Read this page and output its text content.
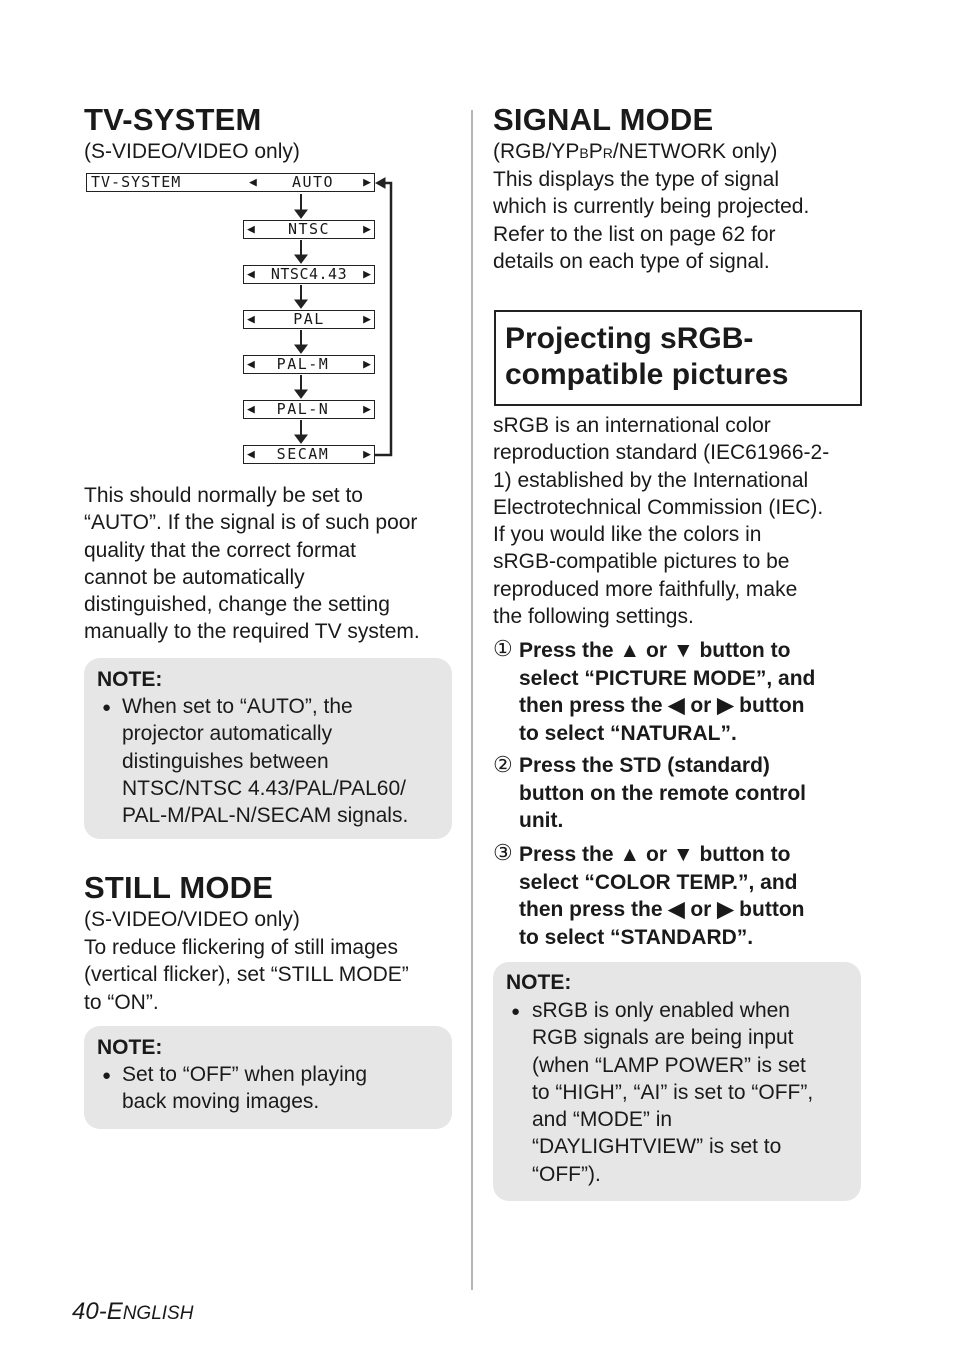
TV-SYSTEM
(S-VIDEO/VIDEO only)
TV-SYSTEM	◀	AUTO	▶
◀	NTSC	▶
◀	NTSC4.43	▶
◀	PAL	▶
◀	PAL-M	▶
◀	PAL-N	▶
◀	SECAM	▶
This should normally be set to
“AUTO”. If the signal is of such poor
quality that the correct format
cannot be automatically
distinguished, change the setting
manually to the required TV system.
NOTE:
● When set to “AUTO”, the
projector automatically
distinguishes between
NTSC/NTSC 4.43/PAL/PAL60/
PAL-M/PAL-N/SECAM signals.
STILL MODE
(S-VIDEO/VIDEO only)
To reduce flickering of still images
(vertical flicker), set “STILL MODE”
to “ON”.
NOTE:
● Set to “OFF” when playing
back moving images.
SIGNAL MODE
(RGB/YPBPR/NETWORK only)
This displays the type of signal
which is currently being projected.
Refer to the list on page 62 for
details on each type of signal.
Projecting sRGB-
compatible pictures
sRGB is an international color
reproduction standard (IEC61966-2-
1) established by the International
Electrotechnical Commission (IEC).
If you would like the colors in
sRGB-compatible pictures to be
reproduced more faithfully, make
the following settings.
① Press the ▲ or ▼ button to
select “PICTURE MODE”, and
then press the ◀ or ▶ button
to select “NATURAL”.
② Press the STD (standard)
button on the remote control
unit.
③ Press the ▲ or ▼ button to
select “COLOR TEMP.”, and
then press the ◀ or ▶ button
to select “STANDARD”.
NOTE:
● sRGB is only enabled when
RGB signals are being input
(when “LAMP POWER” is set
to “HIGH”, “AI” is set to “OFF”,
and “MODE” in
“DAYLIGHTVIEW” is set to
“OFF”).
40-ENGLISH
